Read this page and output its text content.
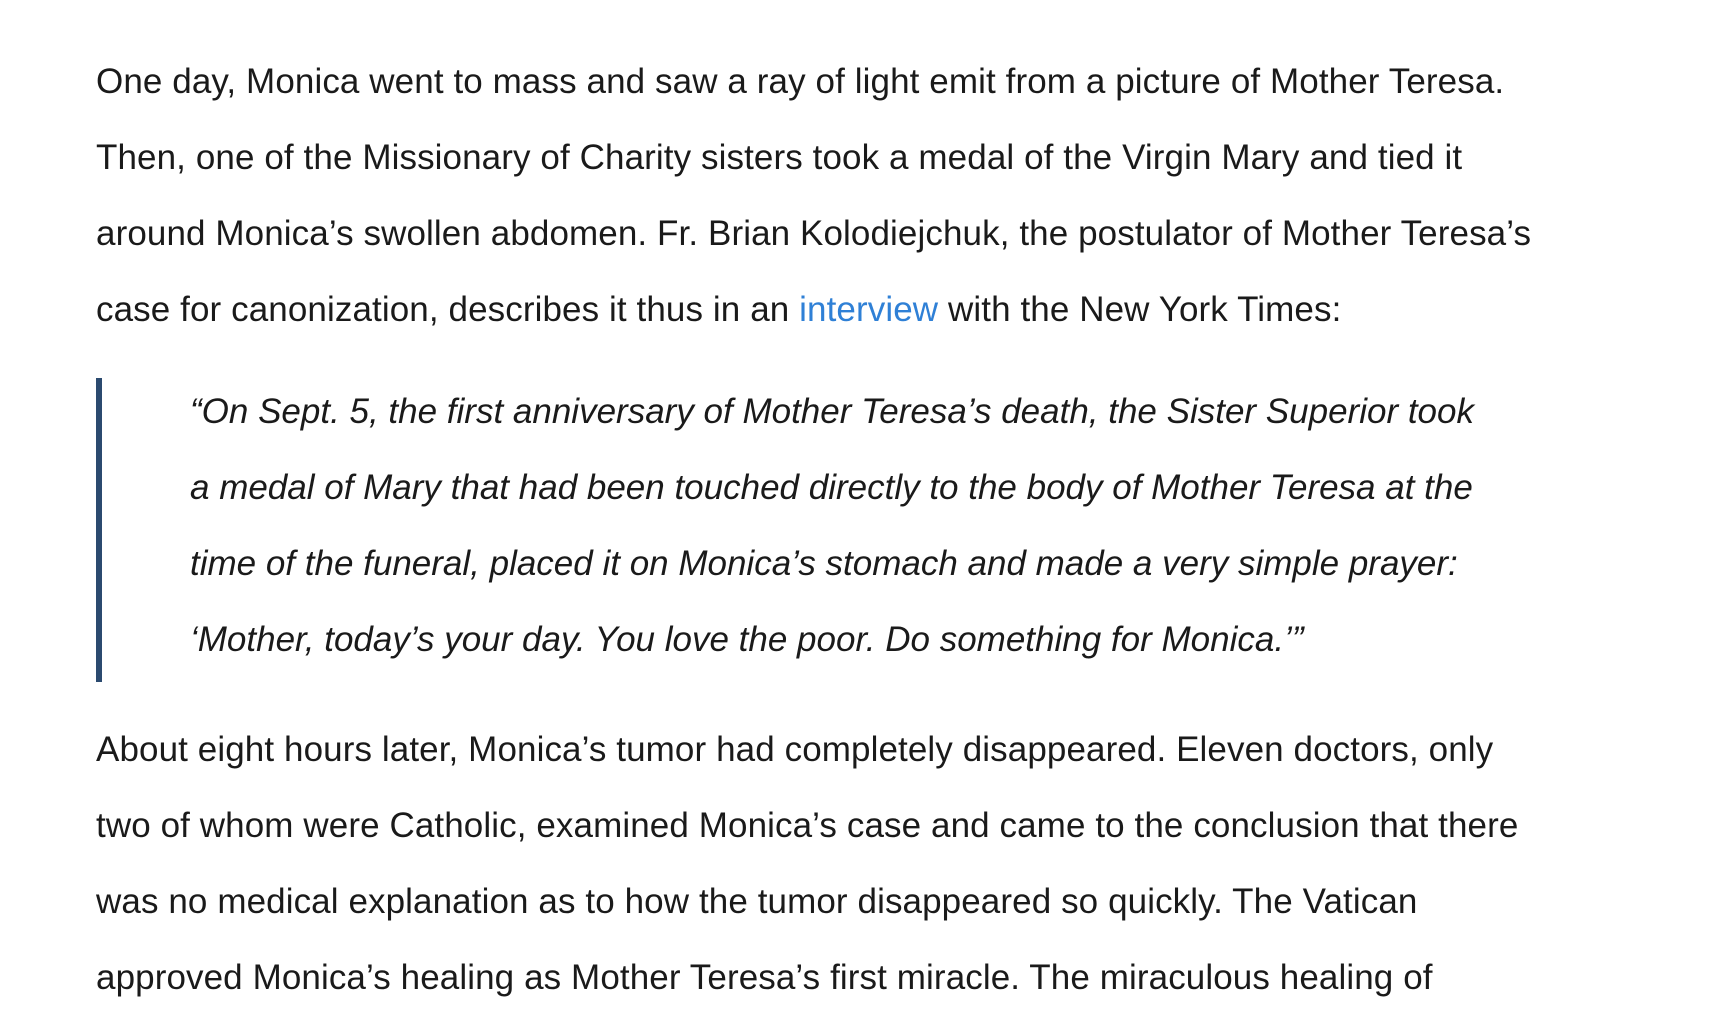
One day, Monica went to mass and saw a ray of light emit from a picture of Mother Teresa.
Then, one of the Missionary of Charity sisters took a medal of the Virgin Mary and tied it
around Monica’s swollen abdomen. Fr. Brian Kolodiejchuk, the postulator of Mother Teresa’s
case for canonization, describes it thus in an interview with the New York Times:

“On Sept. 5, the first anniversary of Mother Teresa’s death, the Sister Superior took
a medal of Mary that had been touched directly to the body of Mother Teresa at the
time of the funeral, placed it on Monica’s stomach and made a very simple prayer:
‘Mother, today’s your day. You love the poor. Do something for Monica.’”

About eight hours later, Monica’s tumor had completely disappeared. Eleven doctors, only
two of whom were Catholic, examined Monica’s case and came to the conclusion that there
was no medical explanation as to how the tumor disappeared so quickly. The Vatican
approved Monica’s healing as Mother Teresa’s first miracle. The miraculous healing of
